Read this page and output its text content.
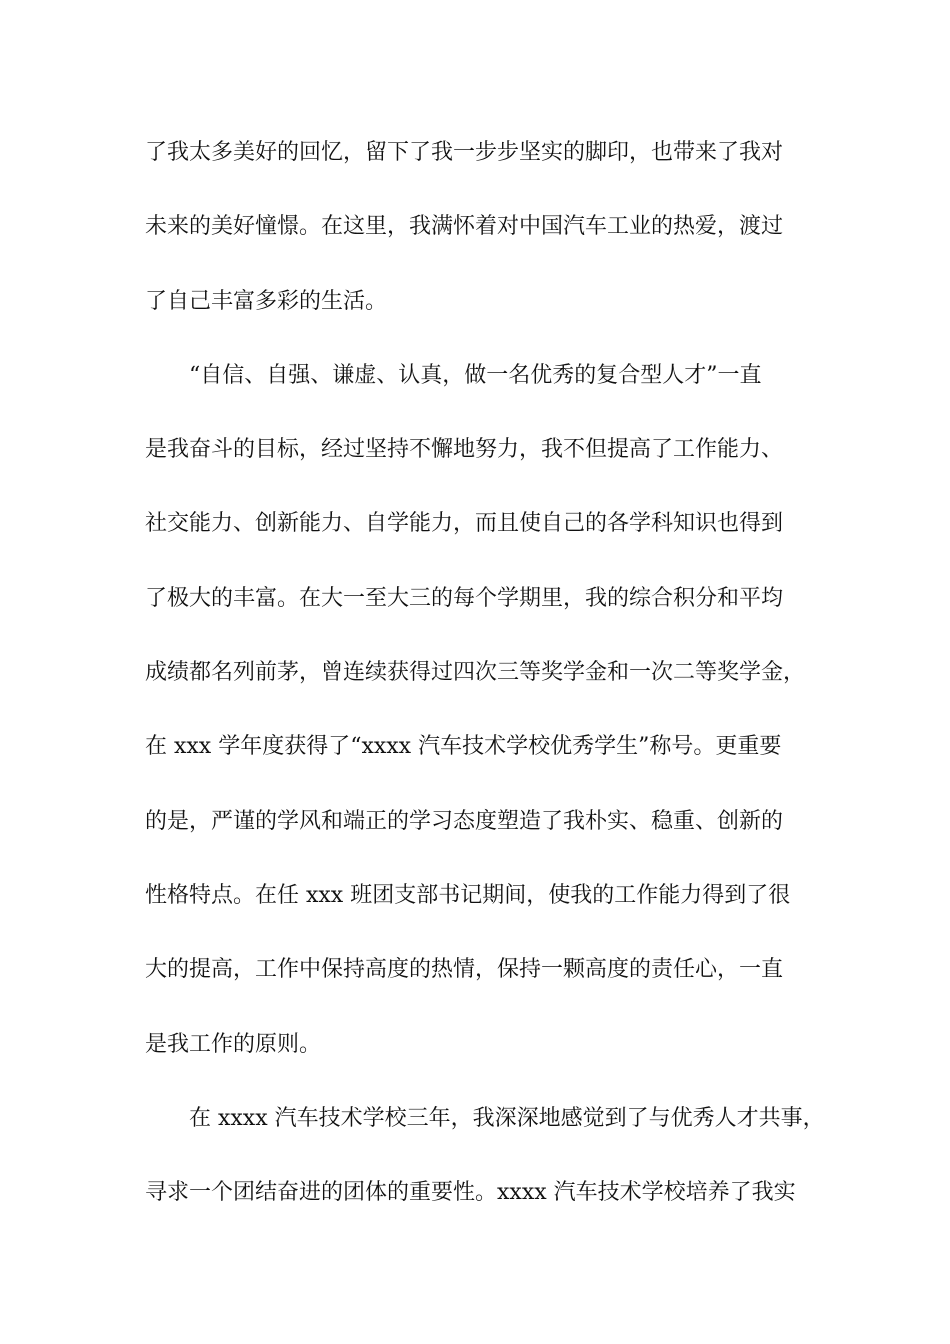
了我太多美好的回忆，留下了我一步步坚实的脚印，也带来了我对
未来的美好憧憬。在这里，我满怀着对中国汽车工业的热爱，渡过
了自己丰富多彩的生活。
“自信、自强、谦虚、认真，做一名优秀的复合型人才”一直
是我奋斗的目标，经过坚持不懈地努力，我不但提高了工作能力、
社交能力、创新能力、自学能力，而且使自己的各学科知识也得到
了极大的丰富。在大一至大三的每个学期里，我的综合积分和平均
成绩都名列前茅，曾连续获得过四次三等奖学金和一次二等奖学金，
在 xxx 学年度获得了“xxxx 汽车技术学校优秀学生”称号。更重要
的是，严谨的学风和端正的学习态度塑造了我朴实、稳重、创新的
性格特点。在任 xxx 班团支部书记期间，使我的工作能力得到了很
大的提高，工作中保持高度的热情，保持一颗高度的责任心，一直
是我工作的原则。
在 xxxx 汽车技术学校三年，我深深地感觉到了与优秀人才共事，
寻求一个团结奋进的团体的重要性。xxxx 汽车技术学校培养了我实
